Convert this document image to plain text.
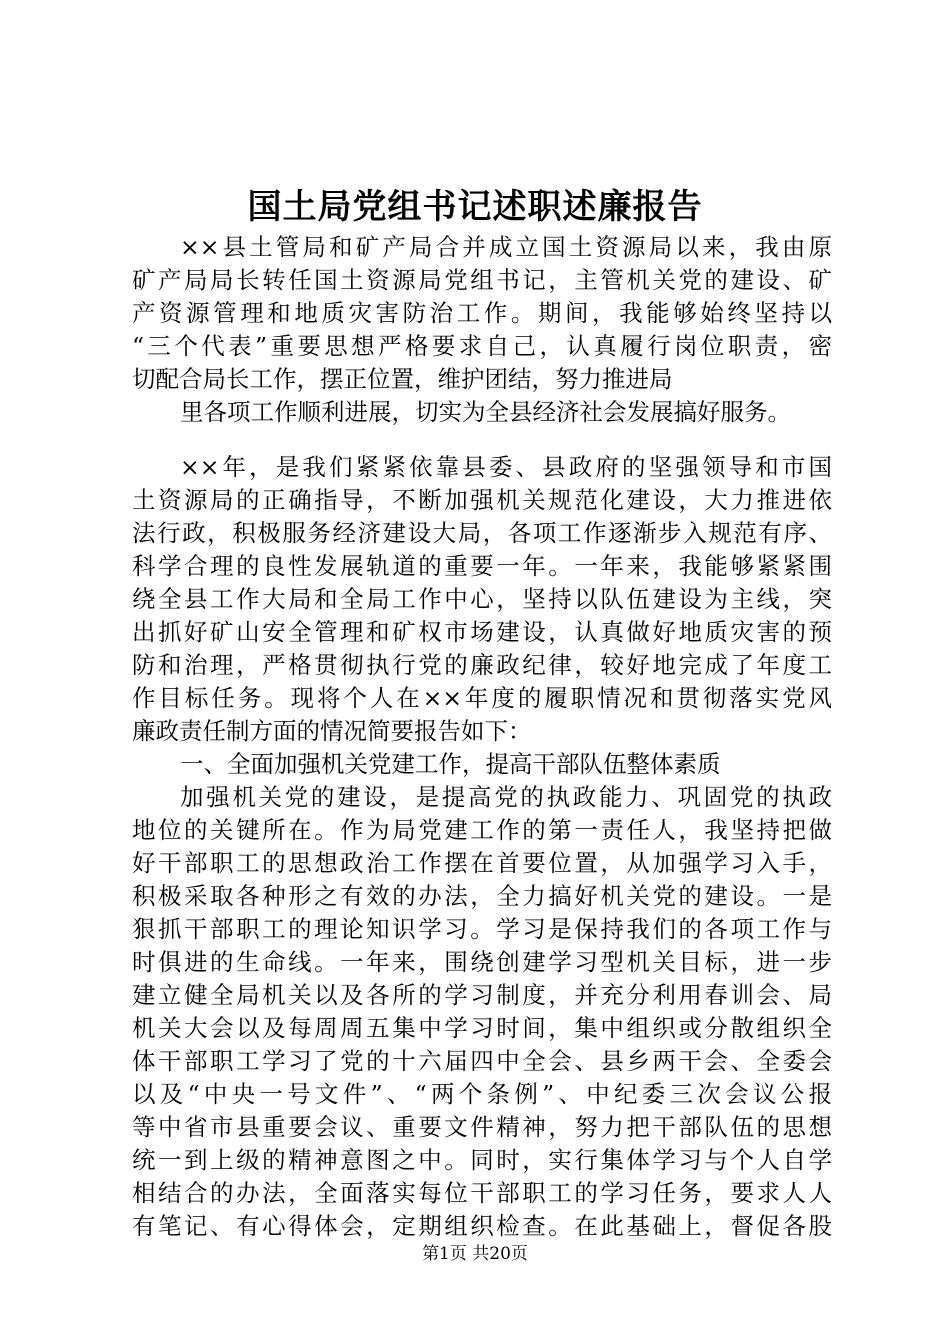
国土局党组书记述职述廉报告
××县土管局和矿产局合并成立国土资源局以来，我由原
矿产局局长转任国土资源局党组书记，主管机关党的建设、矿
产资源管理和地质灾害防治工作。期间，我能够始终坚持以
“三个代表”重要思想严格要求自己，认真履行岗位职责，密
切配合局长工作，摆正位置，维护团结，努力推进局
里各项工作顺利进展，切实为全县经济社会发展搞好服务。
××年，是我们紧紧依靠县委、县政府的坚强领导和市国
土资源局的正确指导，不断加强机关规范化建设，大力推进依
法行政，积极服务经济建设大局，各项工作逐渐步入规范有序、
科学合理的良性发展轨道的重要一年。一年来，我能够紧紧围
绕全县工作大局和全局工作中心，坚持以队伍建设为主线，突
出抓好矿山安全管理和矿权市场建设，认真做好地质灾害的预
防和治理，严格贯彻执行党的廉政纪律，较好地完成了年度工
作目标任务。现将个人在××年度的履职情况和贯彻落实党风
廉政责任制方面的情况简要报告如下：
一、全面加强机关党建工作，提高干部队伍整体素质
加强机关党的建设，是提高党的执政能力、巩固党的执政
地位的关键所在。作为局党建工作的第一责任人，我坚持把做
好干部职工的思想政治工作摆在首要位置，从加强学习入手，
积极采取各种形之有效的办法，全力搞好机关党的建设。一是
狠抓干部职工的理论知识学习。学习是保持我们的各项工作与
时俱进的生命线。一年来，围绕创建学习型机关目标，进一步
建立健全局机关以及各所的学习制度，并充分利用春训会、局
机关大会以及每周周五集中学习时间，集中组织或分散组织全
体干部职工学习了党的十六届四中全会、县乡两干会、全委会
以及“中央一号文件”、“两个条例”、中纪委三次会议公报
等中省市县重要会议、重要文件精神，努力把干部队伍的思想
统一到上级的精神意图之中。同时，实行集体学习与个人自学
相结合的办法，全面落实每位干部职工的学习任务，要求人人
有笔记、有心得体会，定期组织检查。在此基础上，督促各股
第1页 共20页
